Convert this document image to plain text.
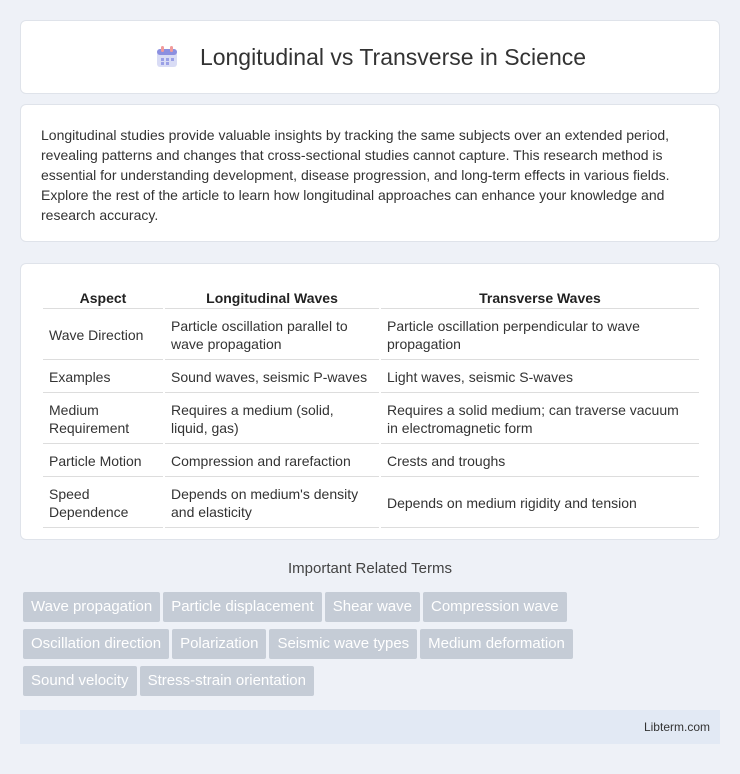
Longitudinal vs Transverse in Science

Longitudinal studies provide valuable insights by tracking the same subjects over an extended period, revealing patterns and changes that cross-sectional studies cannot capture. This research method is essential for understanding development, disease progression, and long-term effects in various fields. Explore the rest of the article to learn how longitudinal approaches can enhance your knowledge and research accuracy.

Aspect	Longitudinal Waves	Transverse Waves
Wave Direction	Particle oscillation parallel to wave propagation	Particle oscillation perpendicular to wave propagation
Examples	Sound waves, seismic P-waves	Light waves, seismic S-waves
Medium Requirement	Requires a medium (solid, liquid, gas)	Requires a solid medium; can traverse vacuum in electromagnetic form
Particle Motion	Compression and rarefaction	Crests and troughs
Speed Dependence	Depends on medium's density and elasticity	Depends on medium rigidity and tension
Important Related Terms
Wave propagation Particle displacement Shear wave Compression wave
Oscillation direction Polarization Seismic wave types Medium deformation
Sound velocity Stress-strain orientation
Libterm.com
